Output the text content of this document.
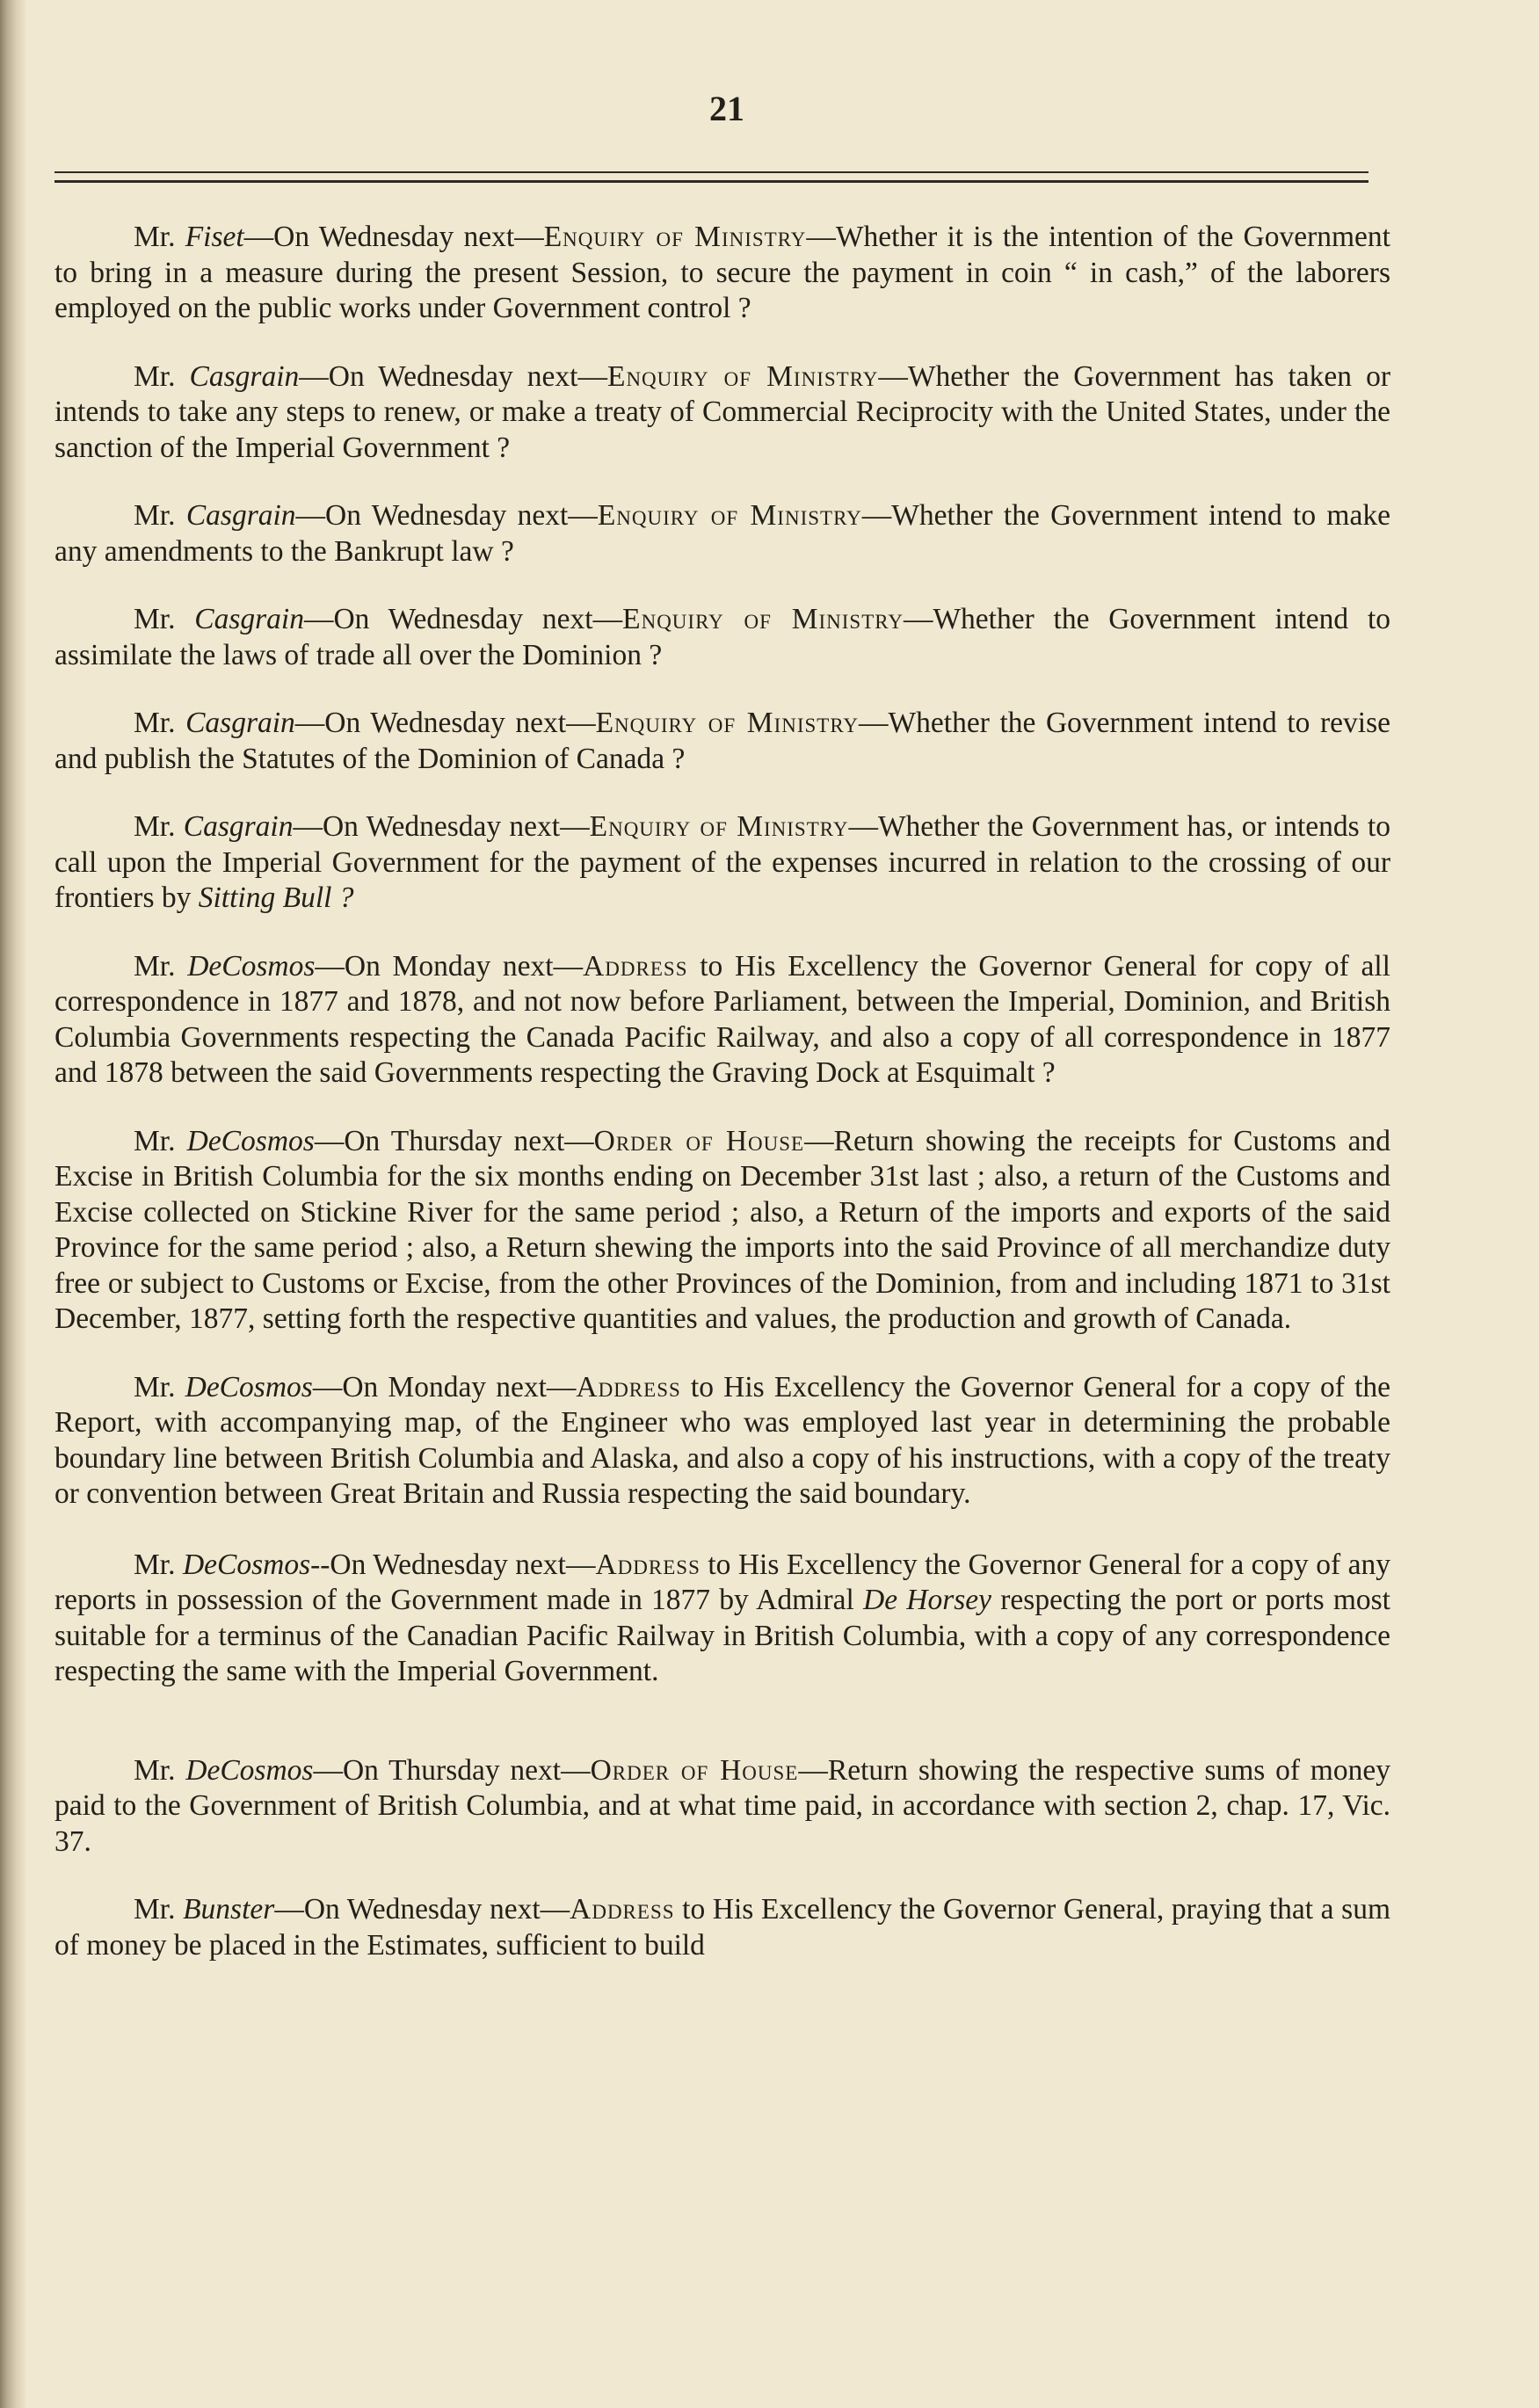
21

Mr. Fiset—On Wednesday next—Enquiry of Ministry—Whether it is the intention of the Government to bring in a measure during the present Session, to secure the payment in coin “ in cash,” of the laborers employed on the public works under Government control ?

Mr. Casgrain—On Wednesday next—Enquiry of Ministry—Whether the Government has taken or intends to take any steps to renew, or make a treaty of Commercial Reciprocity with the United States, under the sanction of the Imperial Government ?

Mr. Casgrain—On Wednesday next—Enquiry of Ministry—Whether the Government intend to make any amendments to the Bankrupt law ?

Mr. Casgrain—On Wednesday next—Enquiry of Ministry—Whether the Government intend to assimilate the laws of trade all over the Dominion ?

Mr. Casgrain—On Wednesday next—Enquiry of Ministry—Whether the Government intend to revise and publish the Statutes of the Dominion of Canada ?

Mr. Casgrain—On Wednesday next—Enquiry of Ministry—Whether the Government has, or intends to call upon the Imperial Government for the payment of the expenses incurred in relation to the crossing of our frontiers by Sitting Bull ?

Mr. DeCosmos—On Monday next—Address to His Excellency the Governor General for copy of all correspondence in 1877 and 1878, and not now before Parliament, between the Imperial, Dominion, and British Columbia Governments respecting the Canada Pacific Railway, and also a copy of all correspondence in 1877 and 1878 between the said Governments respecting the Graving Dock at Esquimalt ?

Mr. DeCosmos—On Thursday next—Order of House—Return showing the receipts for Customs and Excise in British Columbia for the six months ending on December 31st last ; also, a return of the Customs and Excise collected on Stickine River for the same period ; also, a Return of the imports and exports of the said Province for the same period ; also, a Return shewing the imports into the said Province of all merchandize duty free or subject to Customs or Excise, from the other Provinces of the Dominion, from and including 1871 to 31st December, 1877, setting forth the respective quantities and values, the production and growth of Canada.

Mr. DeCosmos—On Monday next—Address to His Excellency the Governor General for a copy of the Report, with accompanying map, of the Engineer who was employed last year in determining the probable boundary line between British Columbia and Alaska, and also a copy of his instructions, with a copy of the treaty or convention between Great Britain and Russia respecting the said boundary.

Mr. DeCosmos--On Wednesday next—Address to His Excellency the Governor General for a copy of any reports in possession of the Government made in 1877 by Admiral De Horsey respecting the port or ports most suitable for a terminus of the Canadian Pacific Railway in British Columbia, with a copy of any correspondence respecting the same with the Imperial Government.

Mr. DeCosmos—On Thursday next—Order of House—Return showing the respective sums of money paid to the Government of British Columbia, and at what time paid, in accordance with section 2, chap. 17, Vic. 37.

Mr. Bunster—On Wednesday next—Address to His Excellency the Governor General, praying that a sum of money be placed in the Estimates, sufficient to build
